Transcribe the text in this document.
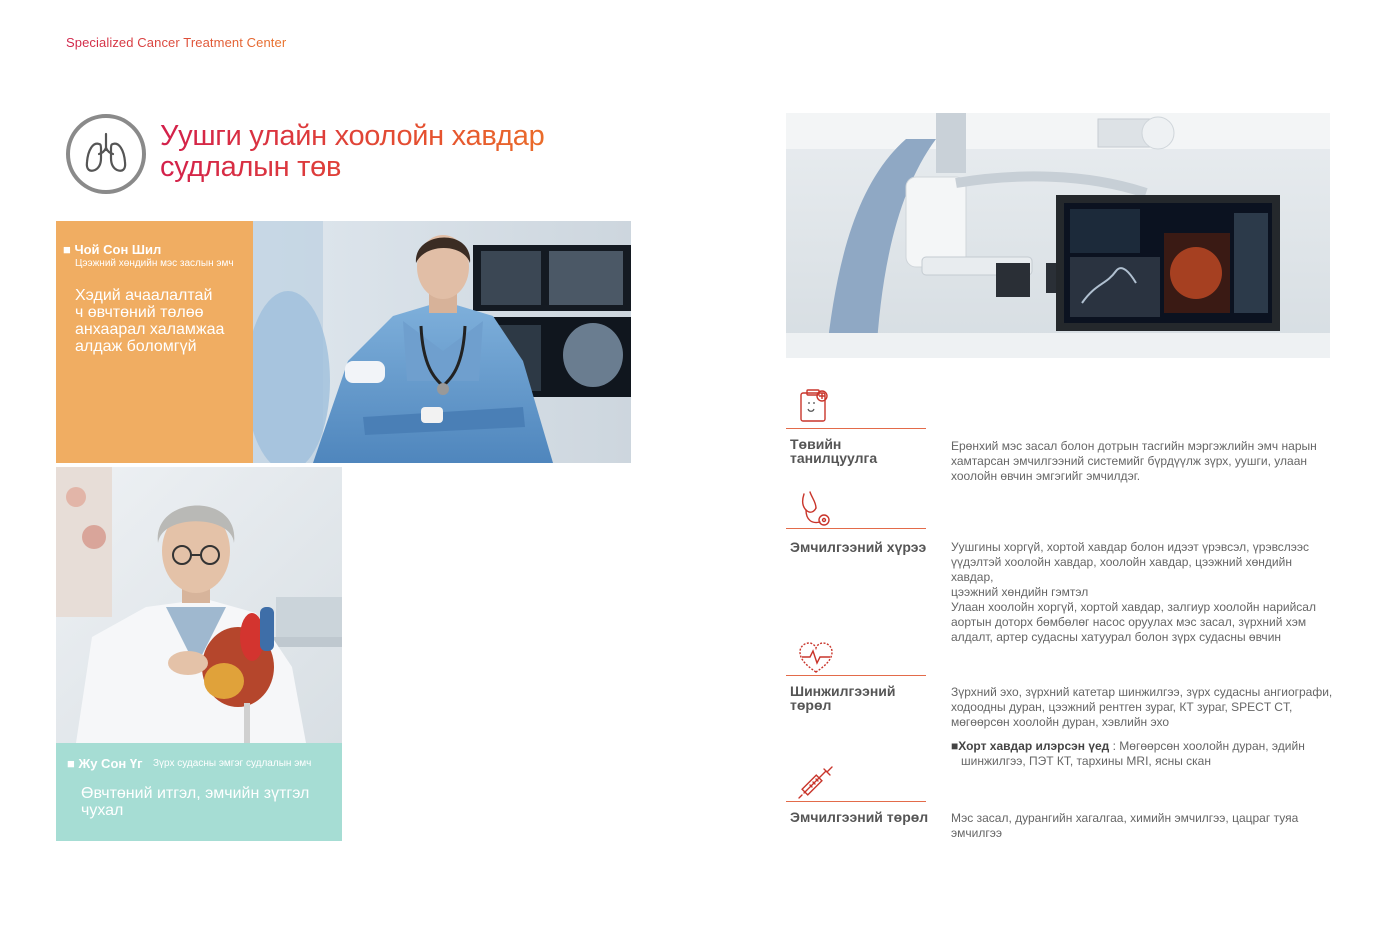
Specialized Cancer Treatment Center
Уушги улайн хоолойн хавдар
судлалын төв
■ Чой Сон Шил
Цээжний хөндийн мэс заслын эмч
Хэдий ачаалалтай
ч өвчтөний төлөө
анхаарал халамжаа
алдаж боломгүй
■ Жу Сон Үг Зүрх судасны эмгэг судлалын эмч
Өвчтөний итгэл, эмчийн зүтгэл
чухал
Төвийн
танилцуулга

Ерөнхий мэс засал болон дотрын тасгийн мэргэжлийн эмч нарын

хамтарсан эмчилгээний системийг бүрдүүлж зүрх, уушги, улаан

хоолойн өвчин эмгэгийг эмчилдэг.

Эмчилгээний хүрээ	Уушгины хоргүй, хортой хавдар болон идээт үрэвсэл, үрэвслээс

үүдэлтэй хоолойн хавдар, хоолойн хавдар, цээжний хөндийн хавдар,

цээжний хөндийн гэмтэл

Улаан хоолойн хоргүй, хортой хавдар, залгиур хоолойн нарийсал

аортын доторх бөмбөлөг насос оруулах мэс засал, зүрхний хэм

алдалт, артер судасны хатуурал болон зүрх судасны өвчин

Шинжилгээний
төрөл

Зүрхний эхо, зүрхний катетар шинжилгээ, зүрх судасны ангиографи,

ходоодны дуран, цээжний рентген зураг, КТ зураг, SPECT CT,

мөгөөрсөн хоолойн дуран, хэвлийн эхо

■Хорт хавдар илэрсэн үед : Мөгөөрсөн хоолойн дуран, эдийн
шинжилгээ, ПЭТ КТ, тархины MRI, ясны скан
Эмчилгээний төрөл Мэс засал, дурангийн хагалгаа, химийн эмчилгээ, цацраг туяа

эмчилгээ
